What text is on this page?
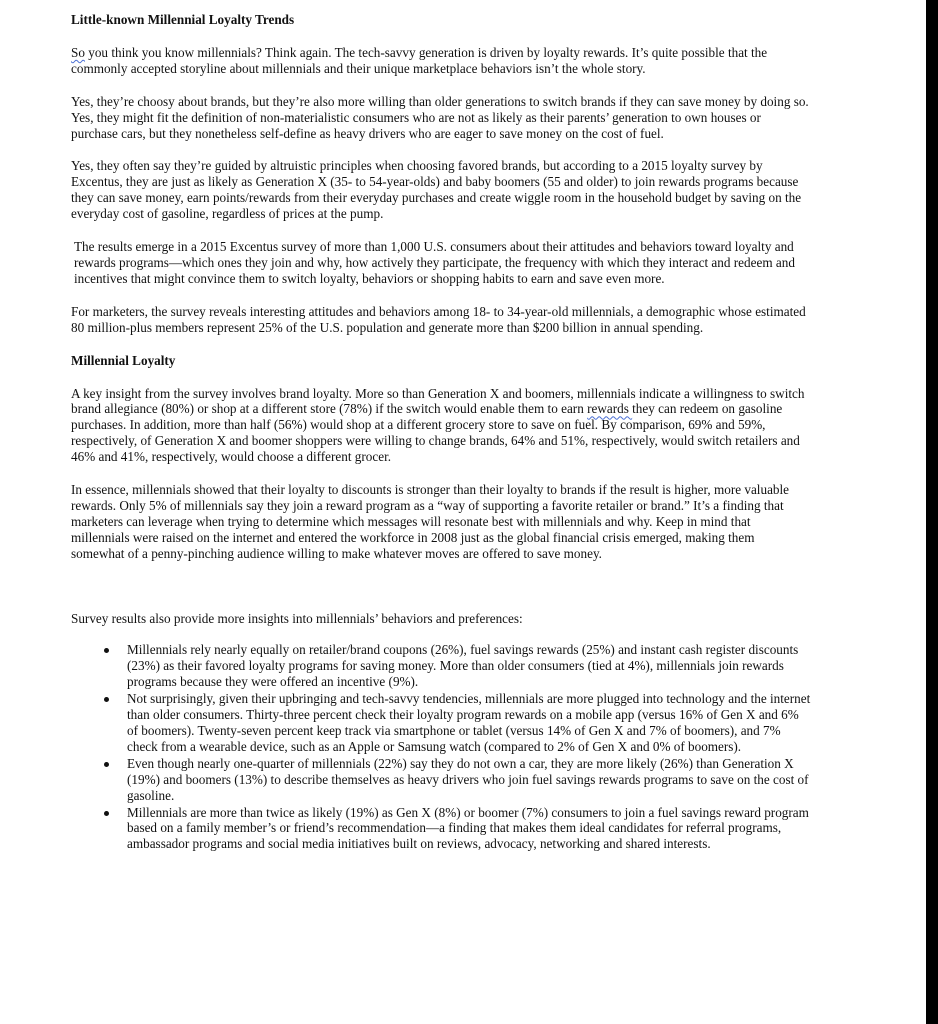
Little-known Millennial Loyalty Trends

So you think you know millennials? Think again. The tech-savvy generation is driven by loyalty rewards. It’s quite possible that the commonly accepted storyline about millennials and their unique marketplace behaviors isn’t the whole story.

Yes, they’re choosy about brands, but they’re also more willing than older generations to switch brands if they can save money by doing so. Yes, they might fit the definition of non-materialistic consumers who are not as likely as their parents’ generation to own houses or purchase cars, but they nonetheless self-define as heavy drivers who are eager to save money on the cost of fuel.

Yes, they often say they’re guided by altruistic principles when choosing favored brands, but according to a 2015 loyalty survey by Excentus, they are just as likely as Generation X (35- to 54-year-olds) and baby boomers (55 and older) to join rewards programs because they can save money, earn points/rewards from their everyday purchases and create wiggle room in the household budget by saving on the everyday cost of gasoline, regardless of prices at the pump.

The results emerge in a 2015 Excentus survey of more than 1,000 U.S. consumers about their attitudes and behaviors toward loyalty and rewards programs—which ones they join and why, how actively they participate, the frequency with which they interact and redeem and incentives that might convince them to switch loyalty, behaviors or shopping habits to earn and save even more.

For marketers, the survey reveals interesting attitudes and behaviors among 18- to 34-year-old millennials, a demographic whose estimated 80 million-plus members represent 25% of the U.S. population and generate more than $200 billion in annual spending.

Millennial Loyalty

A key insight from the survey involves brand loyalty. More so than Generation X and boomers, millennials indicate a willingness to switch brand allegiance (80%) or shop at a different store (78%) if the switch would enable them to earn rewards they can redeem on gasoline purchases. In addition, more than half (56%) would shop at a different grocery store to save on fuel. By comparison, 69% and 59%, respectively, of Generation X and boomer shoppers were willing to change brands, 64% and 51%, respectively, would switch retailers and 46% and 41%, respectively, would choose a different grocer.

In essence, millennials showed that their loyalty to discounts is stronger than their loyalty to brands if the result is higher, more valuable rewards. Only 5% of millennials say they join a reward program as a “way of supporting a favorite retailer or brand.” It’s a finding that marketers can leverage when trying to determine which messages will resonate best with millennials and why. Keep in mind that millennials were raised on the internet and entered the workforce in 2008 just as the global financial crisis emerged, making them somewhat of a penny-pinching audience willing to make whatever moves are offered to save money.

Survey results also provide more insights into millennials’ behaviors and preferences:

Millennials rely nearly equally on retailer/brand coupons (26%), fuel savings rewards (25%) and instant cash register discounts (23%) as their favored loyalty programs for saving money. More than older consumers (tied at 4%), millennials join rewards programs because they were offered an incentive (9%).
Not surprisingly, given their upbringing and tech-savvy tendencies, millennials are more plugged into technology and the internet than older consumers. Thirty-three percent check their loyalty program rewards on a mobile app (versus 16% of Gen X and 6% of boomers). Twenty-seven percent keep track via smartphone or tablet (versus 14% of Gen X and 7% of boomers), and 7% check from a wearable device, such as an Apple or Samsung watch (compared to 2% of Gen X and 0% of boomers).
Even though nearly one-quarter of millennials (22%) say they do not own a car, they are more likely (26%) than Generation X (19%) and boomers (13%) to describe themselves as heavy drivers who join fuel savings rewards programs to save on the cost of gasoline.
Millennials are more than twice as likely (19%) as Gen X (8%) or boomer (7%) consumers to join a fuel savings reward program based on a family member’s or friend’s recommendation—a finding that makes them ideal candidates for referral programs, ambassador programs and social media initiatives built on reviews, advocacy, networking and shared interests.
